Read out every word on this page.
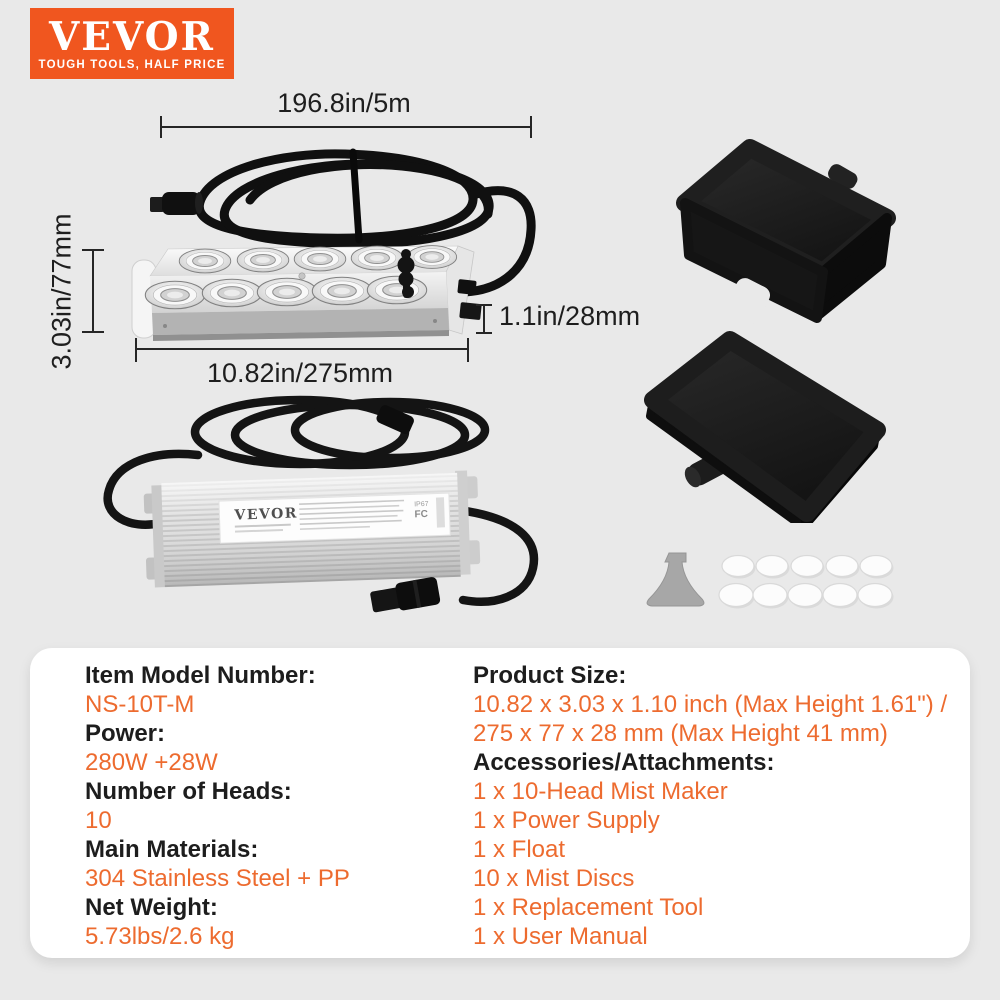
VEVOR
TOUGH TOOLS, HALF PRICE
196.8in/5m
3.03in/77mm
10.82in/275mm
1.1in/28mm
VEVOR
IP67
FC
Item Model Number:
NS-10T-M
Power:
280W +28W
Number of Heads:
10
Main Materials:
304 Stainless Steel + PP
Net Weight:
5.73lbs/2.6 kg
Product Size:
10.82 x 3.03 x 1.10 inch (Max Height 1.61") /
275 x 77 x 28 mm (Max Height 41 mm)
Accessories/Attachments:
1 x 10-Head Mist Maker
1 x Power Supply
1 x Float
10 x Mist Discs
1 x Replacement Tool
1 x User Manual
